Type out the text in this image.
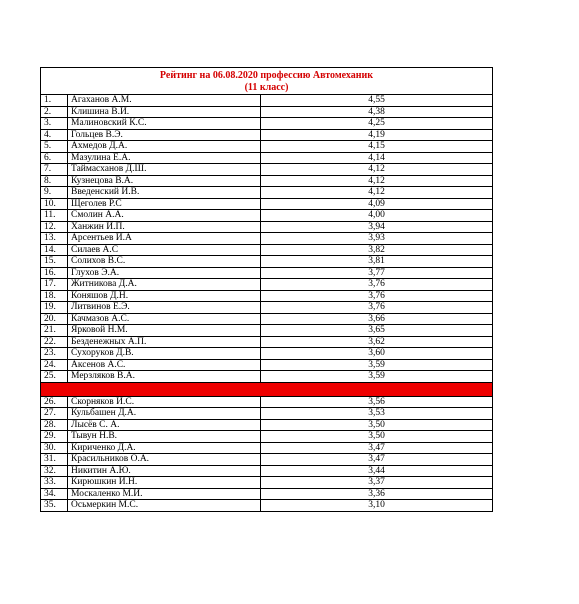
Рейтинг на 06.08.2020 профессию Автомеханик
(11 класс)
1.	Агаханов А.М.	4,55
2.	Клишина В.И.	4,38
3.	Малиновский К.С.	4,25
4.	Гольцев В.Э.	4,19
5.	Ахмедов Д.А.	4,15
6.	Мазулина Е.А.	4,14
7.	Таймасханов Д.Ш.	4,12
8.	Кузнецова В.А.	4,12
9.	Введенский И.В.	4,12
10.	Щеголев Р.С	4,09
11.	Смолин А.А.	4,00
12.	Ханжин И.П.	3,94
13.	Арсентьев И.А	3,93
14.	Силаев А.С	3,82
15.	Солихов В.С.	3,81
16.	Глухов Э.А.	3,77
17.	Житникова Д.А.	3,76
18.	Коняшов Д.Н.	3,76
19.	Литвинов Е.Э.	3,76
20.	Качмазов А.С.	3,66
21.	Ярковой Н.М.	3,65
22.	Безденежных А.П.	3,62
23.	Сухоруков Д.В.	3,60
24.	Аксенов А.С.	3,59
25.	Мерзляков В.А.	3,59

26.	Скорняков И.С.	3,56
27.	Кульбашен Д.А.	3,53
28.	Лысёв С. А.	3,50
29.	Тывун Н.В.	3,50
30.	Кириченко Д.А.	3,47
31.	Красильников О.А.	3,47
32.	Никитин А.Ю.	3,44
33.	Кирюшкин И.Н.	3,37
34.	Москаленко М.И.	3,36
35.	Осьмеркин М.С.	3,10
